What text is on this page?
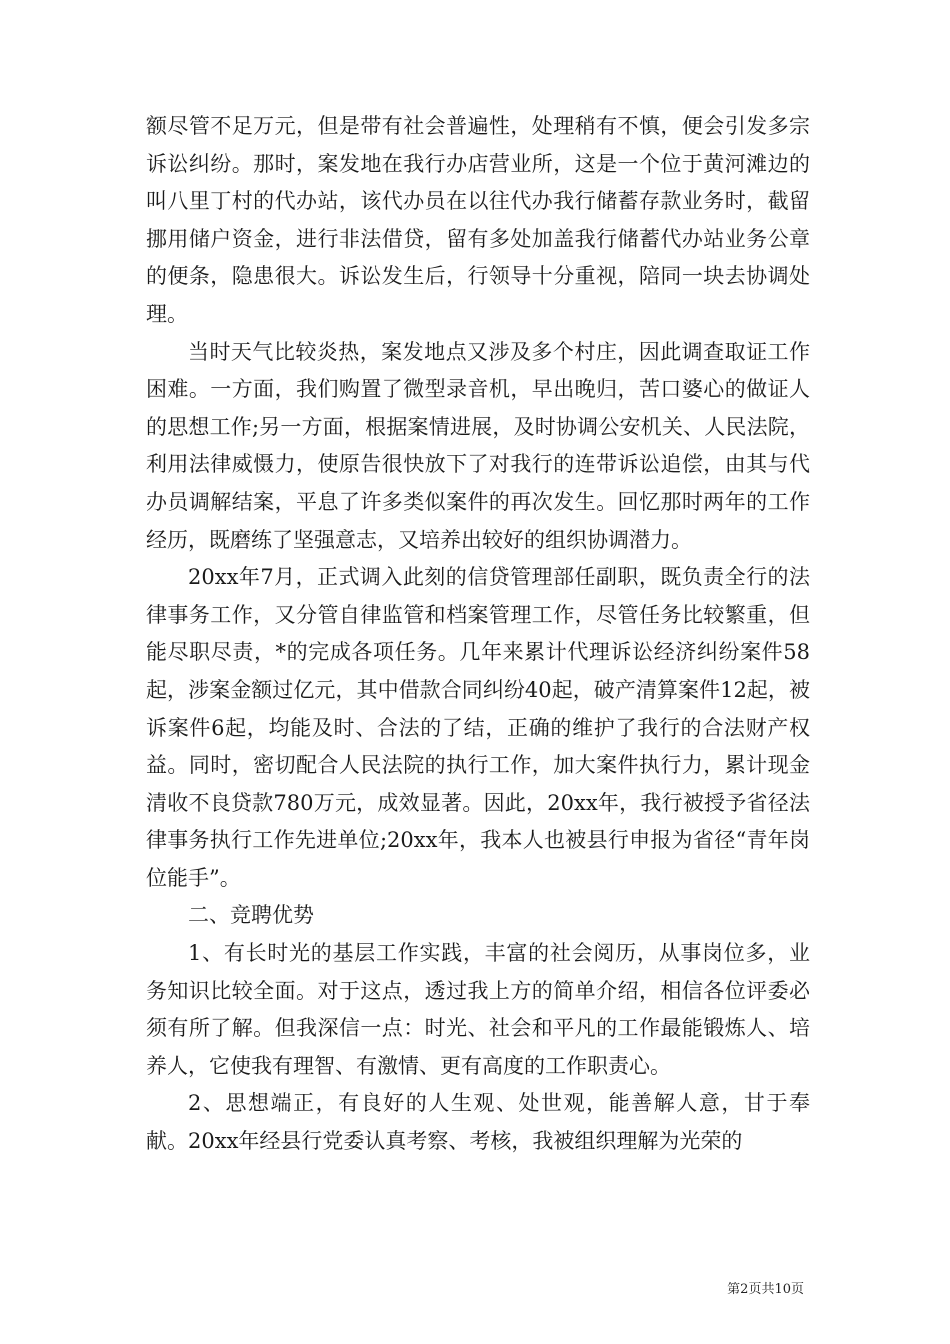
额尽管不足万元，但是带有社会普遍性，处理稍有不慎，便会引发多宗诉讼纠纷。那时，案发地在我行办店营业所，这是一个位于黄河滩边的叫八里丁村的代办站，该代办员在以往代办我行储蓄存款业务时，截留挪用储户资金，进行非法借贷，留有多处加盖我行储蓄代办站业务公章的便条，隐患很大。诉讼发生后，行领导十分重视，陪同一块去协调处理。

当时天气比较炎热，案发地点又涉及多个村庄，因此调查取证工作困难。一方面，我们购置了微型录音机，早出晚归，苦口婆心的做证人的思想工作;另一方面，根据案情进展，及时协调公安机关、人民法院，利用法律威慑力，使原告很快放下了对我行的连带诉讼追偿，由其与代办员调解结案，平息了许多类似案件的再次发生。回忆那时两年的工作经历，既磨练了坚强意志，又培养出较好的组织协调潜力。

20xx年7月，正式调入此刻的信贷管理部任副职，既负责全行的法律事务工作，又分管自律监管和档案管理工作，尽管任务比较繁重，但能尽职尽责，*的完成各项任务。几年来累计代理诉讼经济纠纷案件58起，涉案金额过亿元，其中借款合同纠纷40起，破产清算案件12起，被诉案件6起，均能及时、合法的了结，正确的维护了我行的合法财产权益。同时，密切配合人民法院的执行工作，加大案件执行力，累计现金清收不良贷款780万元，成效显著。因此，20xx年，我行被授予省径法律事务执行工作先进单位;20xx年，我本人也被县行申报为省径“青年岗位能手”。

二、竞聘优势

1、有长时光的基层工作实践，丰富的社会阅历，从事岗位多，业务知识比较全面。对于这点，透过我上方的简单介绍，相信各位评委必须有所了解。但我深信一点：时光、社会和平凡的工作最能锻炼人、培养人，它使我有理智、有激情、更有高度的工作职责心。

2、思想端正，有良好的人生观、处世观，能善解人意，甘于奉献。20xx年经县行党委认真考察、考核，我被组织理解为光荣的

第2页共10页
